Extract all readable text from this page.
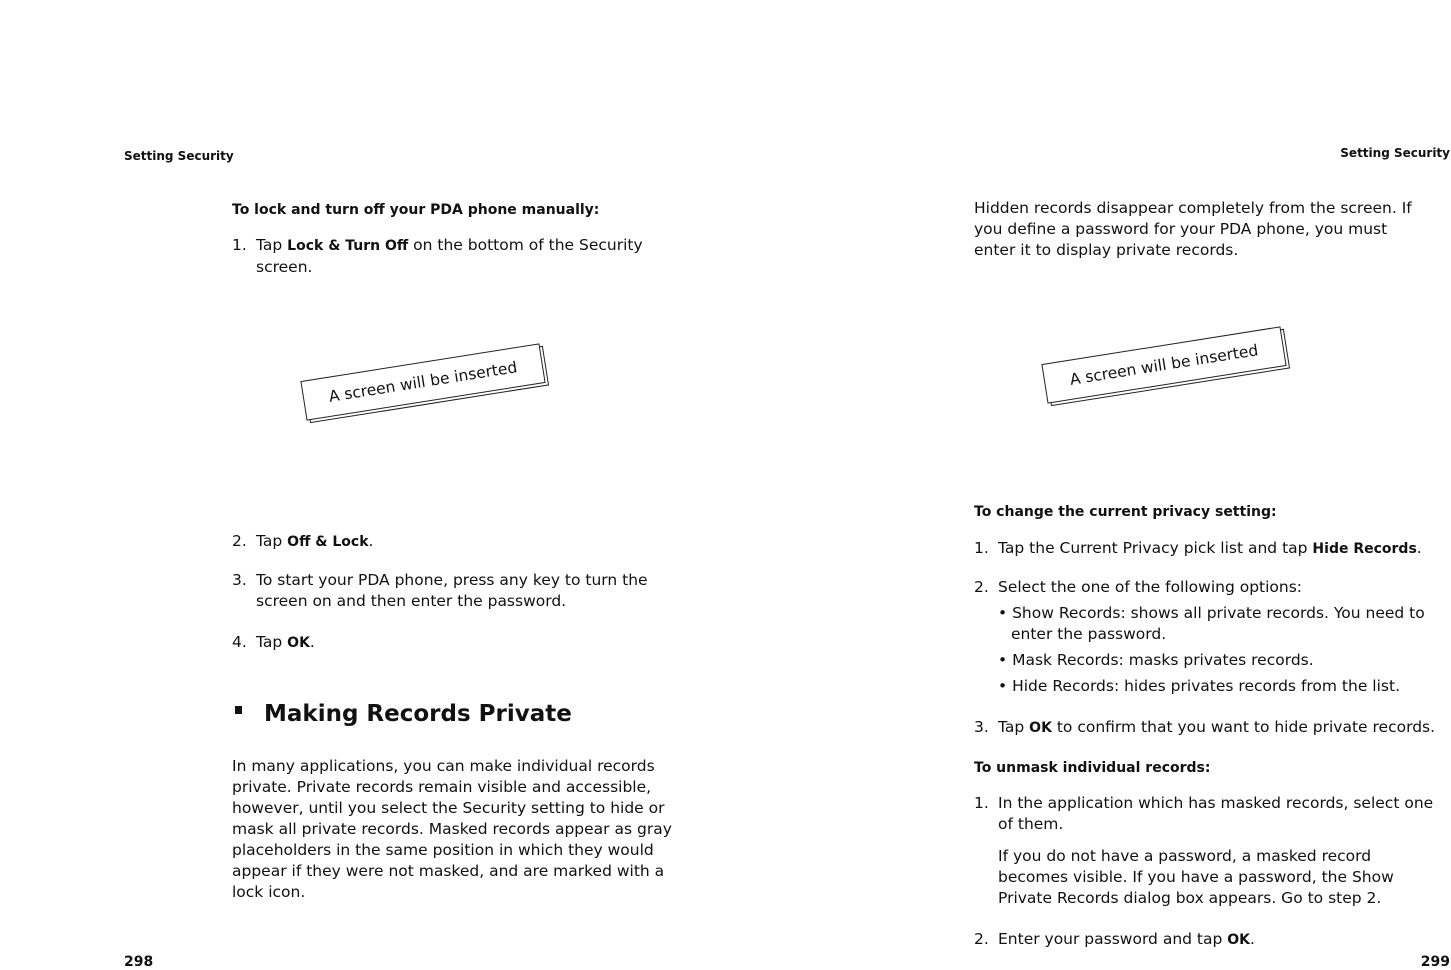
Setting Security
To lock and turn off your PDA phone manually:
1. Tap Lock & Turn Off on the bottom of the Security
screen.
A screen will be inserted
2. Tap Off & Lock.
3. To start your PDA phone, press any key to turn the
screen on and then enter the password.
4. Tap OK.
Making Records Private
In many applications, you can make individual records
private. Private records remain visible and accessible,
however, until you select the Security setting to hide or
mask all private records. Masked records appear as gray
placeholders in the same position in which they would
appear if they were not masked, and are marked with a
lock icon.
298
Setting Security
Hidden records disappear completely from the screen. If
you define a password for your PDA phone, you must
enter it to display private records.
A screen will be inserted
To change the current privacy setting:
1. Tap the Current Privacy pick list and tap Hide Records.
2. Select the one of the following options:
• Show Records: shows all private records. You need to
enter the password.
• Mask Records: masks privates records.
• Hide Records: hides privates records from the list.
3. Tap OK to confirm that you want to hide private records.
To unmask individual records:
1. In the application which has masked records, select one
of them.
If you do not have a password, a masked record
becomes visible. If you have a password, the Show
Private Records dialog box appears. Go to step 2.
2. Enter your password and tap OK.
299
